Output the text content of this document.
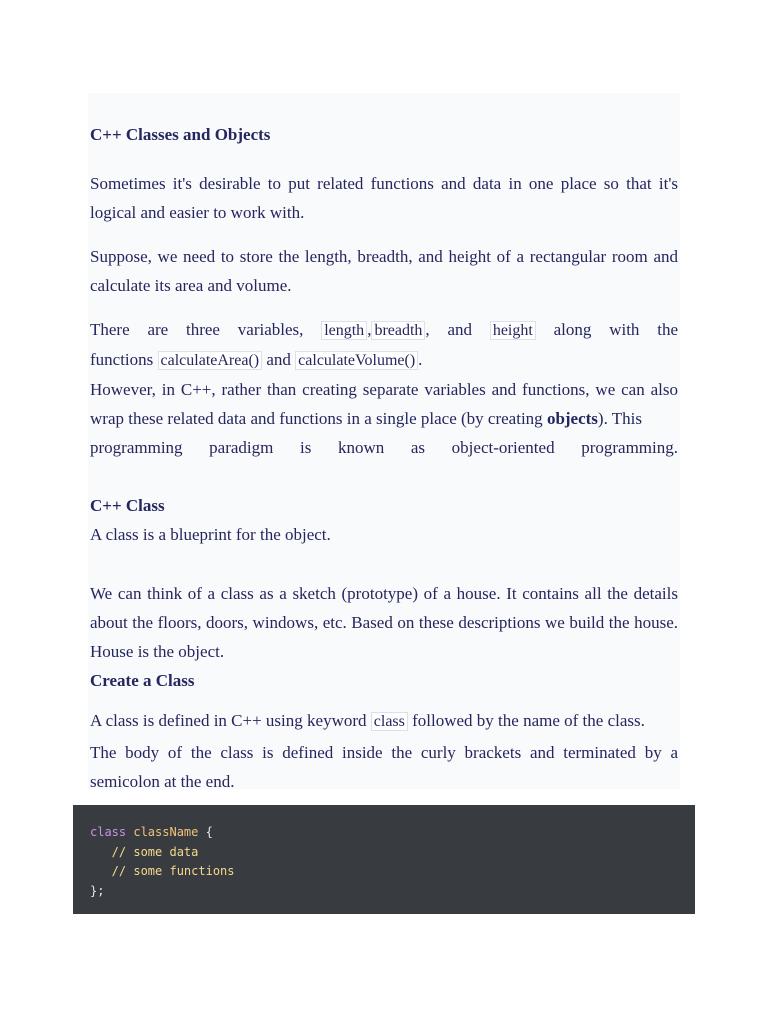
C++ Classes and Objects

Sometimes it's desirable to put related functions and data in one place so that it's logical and easier to work with.

Suppose, we need to store the length, breadth, and height of a rectangular room and calculate its area and volume.

There are three variables, length , breadth , and height along with the

functions calculateArea() and calculateVolume() .

However, in C++, rather than creating separate variables and functions, we can also wrap these related data and functions in a single place (by creating objects). This

programming paradigm is known as object-oriented programming.

C++ Class

A class is a blueprint for the object.

We can think of a class as a sketch (prototype) of a house. It contains all the details about the floors, doors, windows, etc. Based on these descriptions we build the house. House is the object.

Create a Class

A class is defined in C++ using keyword class followed by the name of the class.

The body of the class is defined inside the curly brackets and terminated by a semicolon at the end.

class className {
// some data
// some functions
};
